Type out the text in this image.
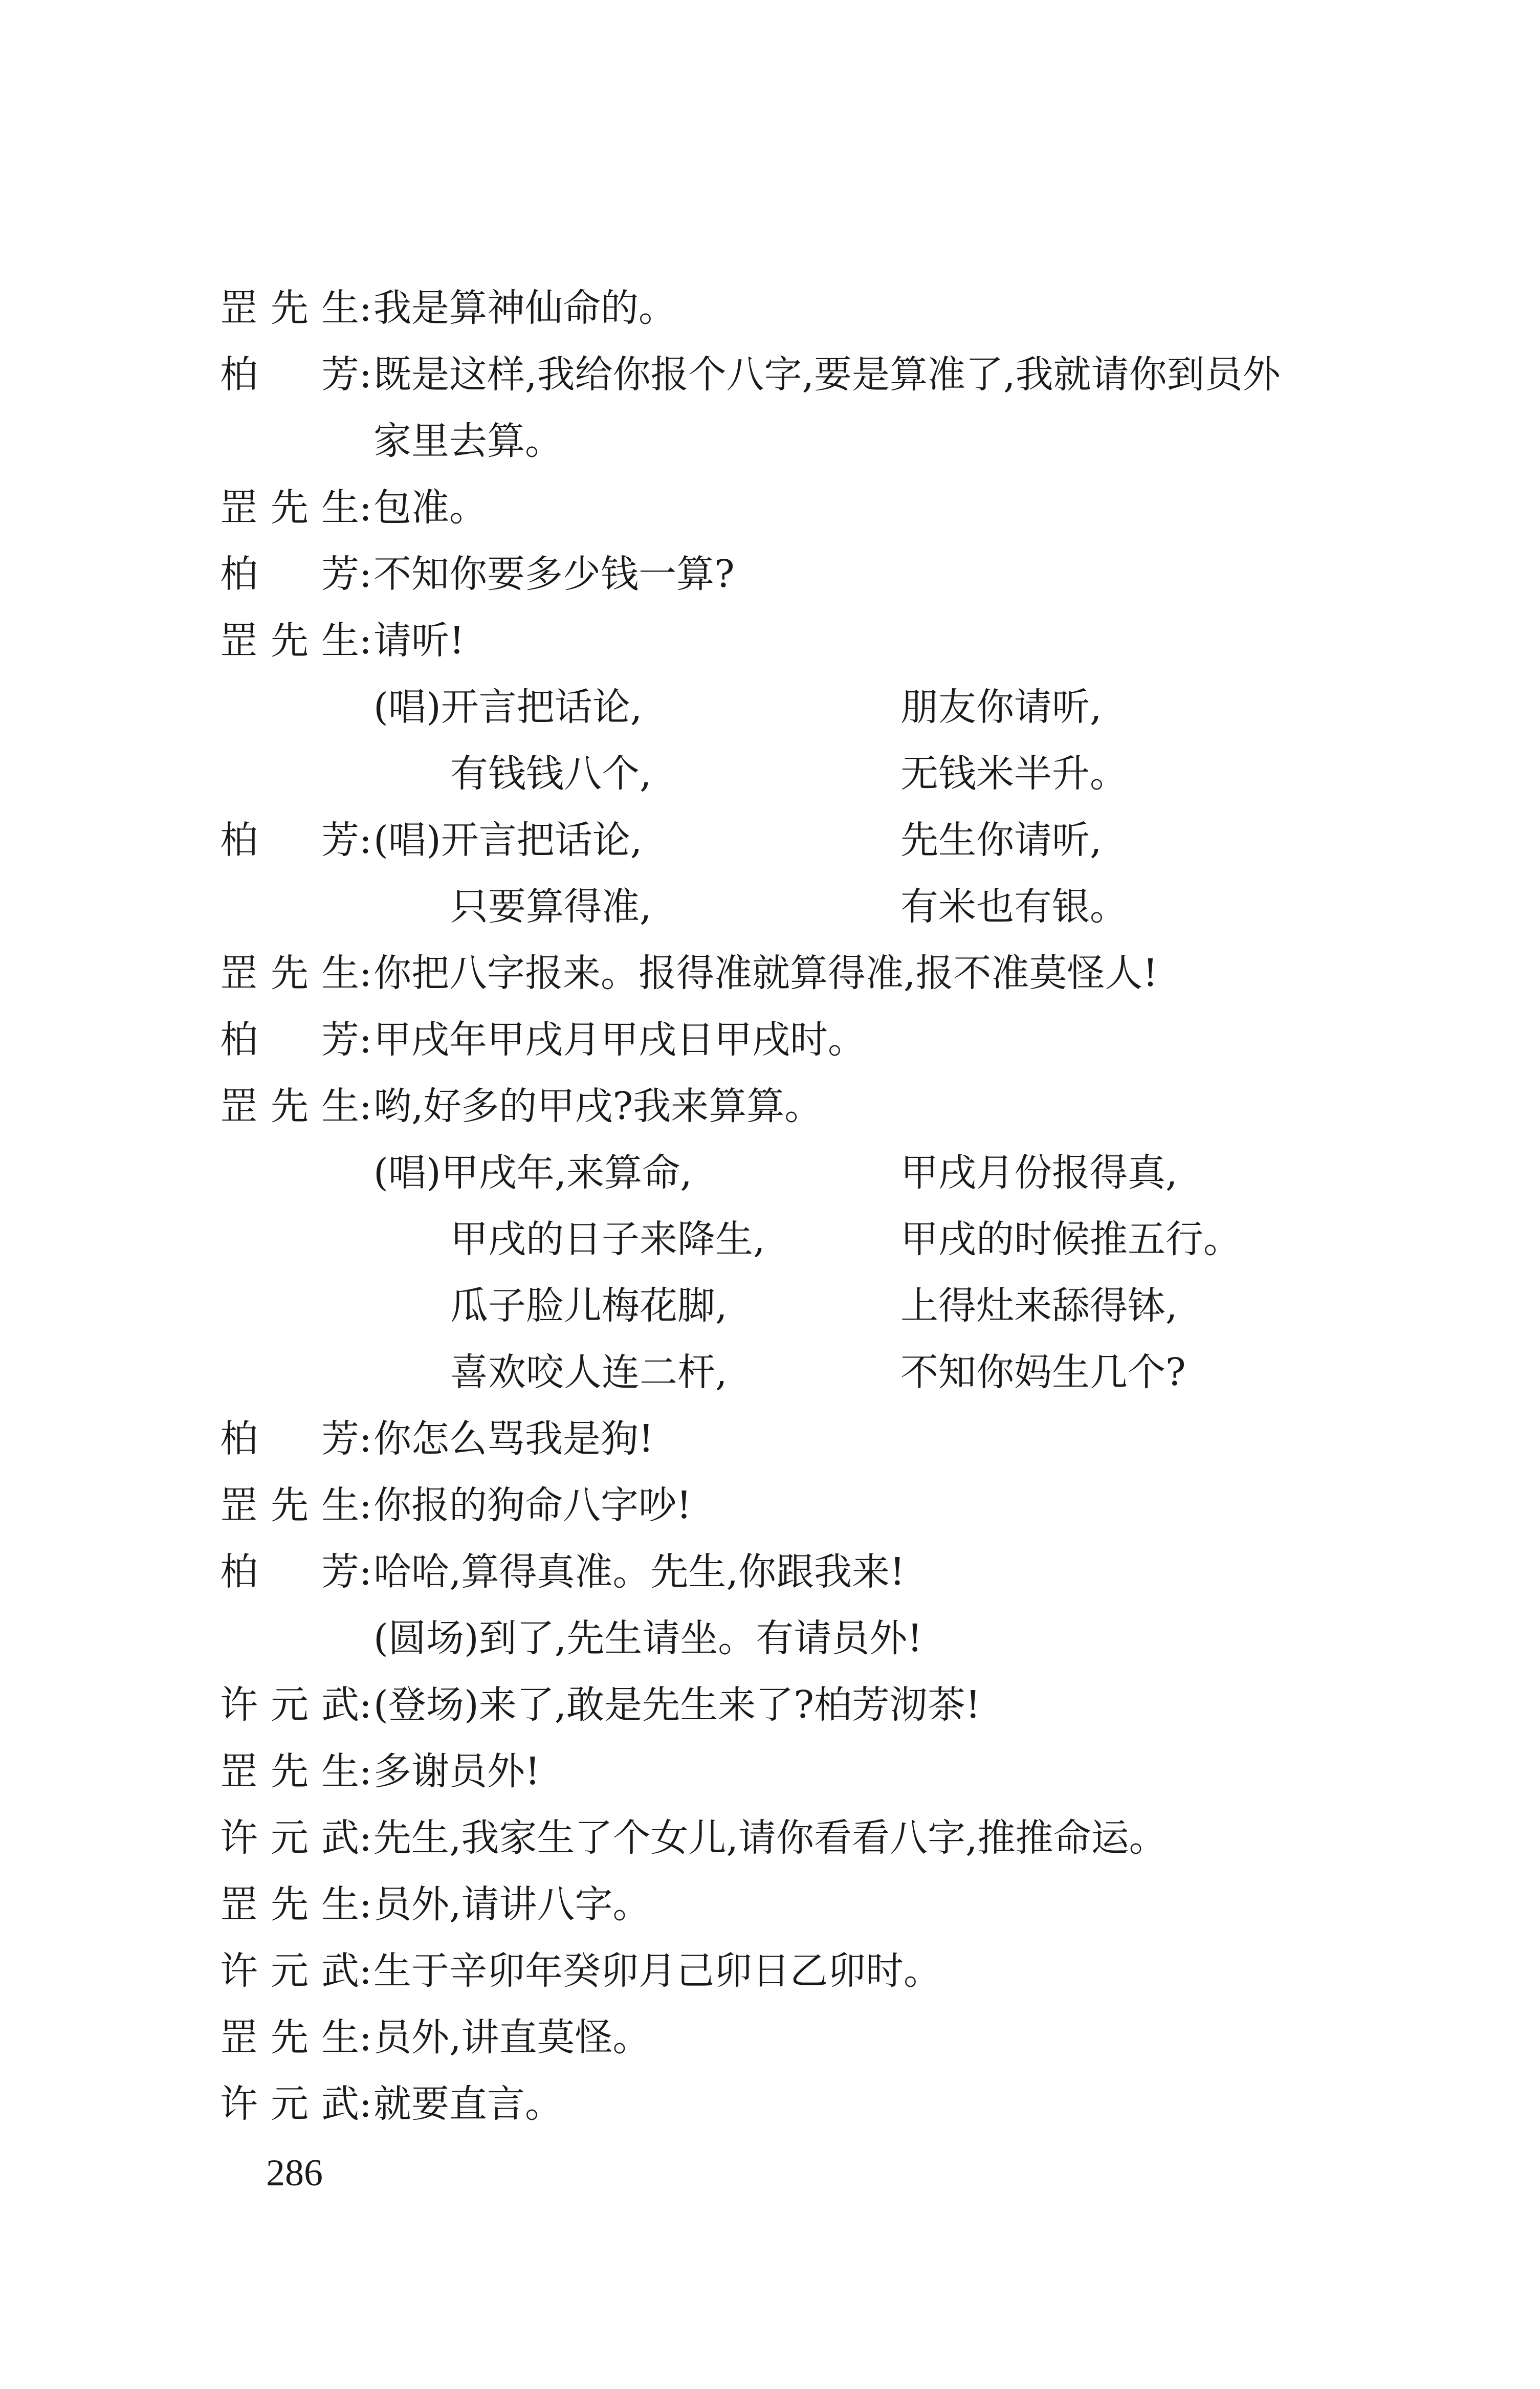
罡先生 : 我是算神仙命的。
柏　芳 : 既是这样,我给你报个八字,要是算准了,我就请你到员外
家里去算。
罡先生 : 包准。
柏　芳 : 不知你要多少钱一算?
罡先生 : 请听!
(唱)开言把话论,	朋友你请听,
有钱钱八个,	无钱米半升。
柏　芳 : (唱)开言把话论,	先生你请听,
只要算得准,	有米也有银。
罡先生 : 你把八字报来。报得准就算得准,报不准莫怪人!
柏　芳 : 甲戌年甲戌月甲戌日甲戌时。
罡先生 : 哟,好多的甲戌?我来算算。
(唱)甲戌年,来算命,	甲戌月份报得真,
甲戌的日子来降生,	甲戌的时候推五行。
瓜子脸儿梅花脚,	上得灶来舔得钵,
喜欢咬人连二杆,	不知你妈生几个?
柏　芳 : 你怎么骂我是狗!
罡先生 : 你报的狗命八字吵!
柏　芳 : 哈哈,算得真准。先生,你跟我来!
(圆场)到了,先生请坐。有请员外!
许元武 : (登场)来了,敢是先生来了?柏芳沏茶!
罡先生 : 多谢员外!
许元武 : 先生,我家生了个女儿,请你看看八字,推推命运。
罡先生 : 员外,请讲八字。
许元武 : 生于辛卯年癸卯月己卯日乙卯时。
罡先生 : 员外,讲直莫怪。
许元武 : 就要直言。
286
